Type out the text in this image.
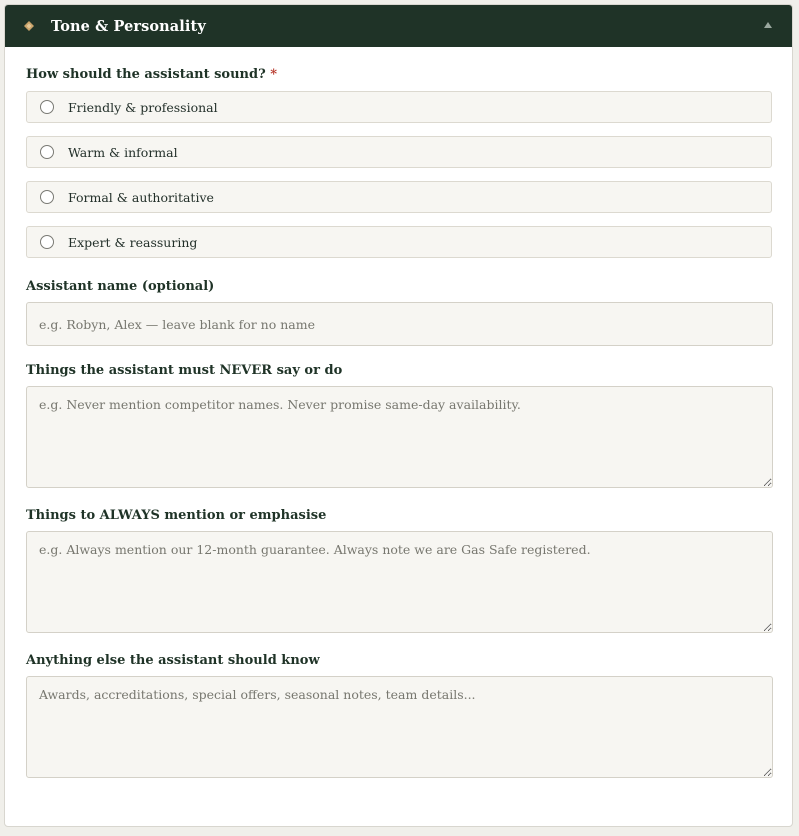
Tone & Personality
How should the assistant sound? *
Friendly & professional
Warm & informal
Formal & authoritative
Expert & reassuring
Assistant name (optional)
e.g. Robyn, Alex — leave blank for no name
Things the assistant must NEVER say or do
e.g. Never mention competitor names. Never promise same-day availability.
Things to ALWAYS mention or emphasise
e.g. Always mention our 12-month guarantee. Always note we are Gas Safe registered.
Anything else the assistant should know
Awards, accreditations, special offers, seasonal notes, team details...
